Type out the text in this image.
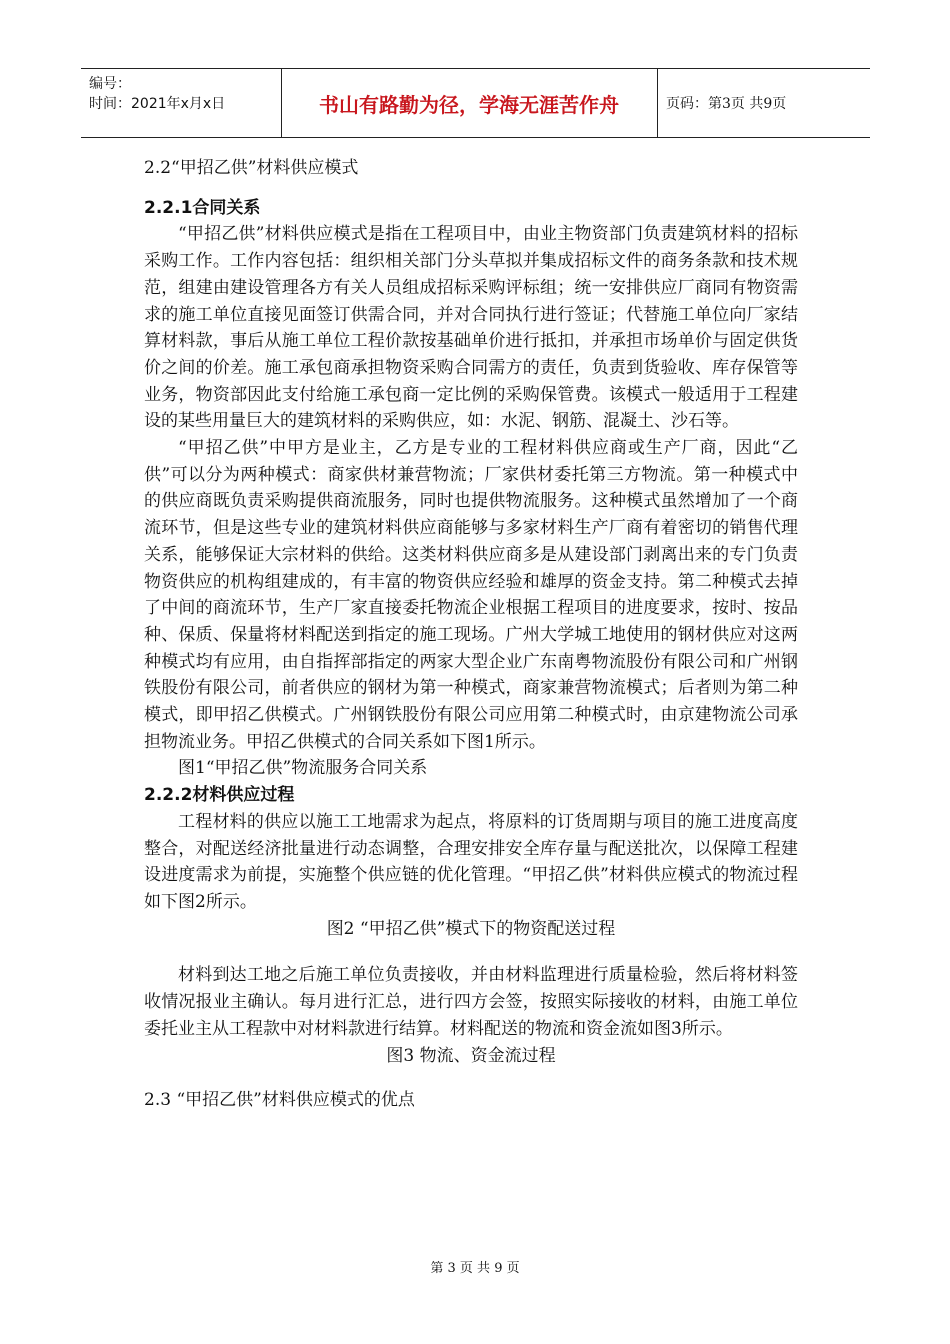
编号：
时间：2021年x月x日	书山有路勤为径，学海无涯苦作舟	页码：第3页 共9页

2.2“甲招乙供”材料供应模式

2.2.1合同关系

“甲招乙供”材料供应模式是指在工程项目中，由业主物资部门负责建筑材料的招标采购工作。工作内容包括：组织相关部门分头草拟并集成招标文件的商务条款和技术规范，组建由建设管理各方有关人员组成招标采购评标组；统一安排供应厂商同有物资需求的施工单位直接见面签订供需合同，并对合同执行进行签证；代替施工单位向厂家结算材料款，事后从施工单位工程价款按基础单价进行抵扣，并承担市场单价与固定供货价之间的价差。施工承包商承担物资采购合同需方的责任，负责到货验收、库存保管等业务，物资部因此支付给施工承包商一定比例的采购保管费。该模式一般适用于工程建设的某些用量巨大的建筑材料的采购供应，如：水泥、钢筋、混凝土、沙石等。

“甲招乙供”中甲方是业主，乙方是专业的工程材料供应商或生产厂商，因此“乙供”可以分为两种模式：商家供材兼营物流；厂家供材委托第三方物流。第一种模式中的供应商既负责采购提供商流服务，同时也提供物流服务。这种模式虽然增加了一个商流环节，但是这些专业的建筑材料供应商能够与多家材料生产厂商有着密切的销售代理关系，能够保证大宗材料的供给。这类材料供应商多是从建设部门剥离出来的专门负责物资供应的机构组建成的，有丰富的物资供应经验和雄厚的资金支持。第二种模式去掉了中间的商流环节，生产厂家直接委托物流企业根据工程项目的进度要求，按时、按品种、保质、保量将材料配送到指定的施工现场。广州大学城工地使用的钢材供应对这两种模式均有应用，由自指挥部指定的两家大型企业广东南粤物流股份有限公司和广州钢铁股份有限公司，前者供应的钢材为第一种模式，商家兼营物流模式；后者则为第二种模式，即甲招乙供模式。广州钢铁股份有限公司应用第二种模式时，由京建物流公司承担物流业务。甲招乙供模式的合同关系如下图1所示。

图1“甲招乙供”物流服务合同关系

2.2.2材料供应过程

工程材料的供应以施工工地需求为起点，将原料的订货周期与项目的施工进度高度整合，对配送经济批量进行动态调整，合理安排安全库存量与配送批次，以保障工程建设进度需求为前提，实施整个供应链的优化管理。“甲招乙供”材料供应模式的物流过程如下图2所示。

图2 “甲招乙供”模式下的物资配送过程

材料到达工地之后施工单位负责接收，并由材料监理进行质量检验，然后将材料签收情况报业主确认。每月进行汇总，进行四方会签，按照实际接收的材料，由施工单位委托业主从工程款中对材料款进行结算。材料配送的物流和资金流如图3所示。

图3 物流、资金流过程

2.3 “甲招乙供”材料供应模式的优点

第 3 页 共 9 页
